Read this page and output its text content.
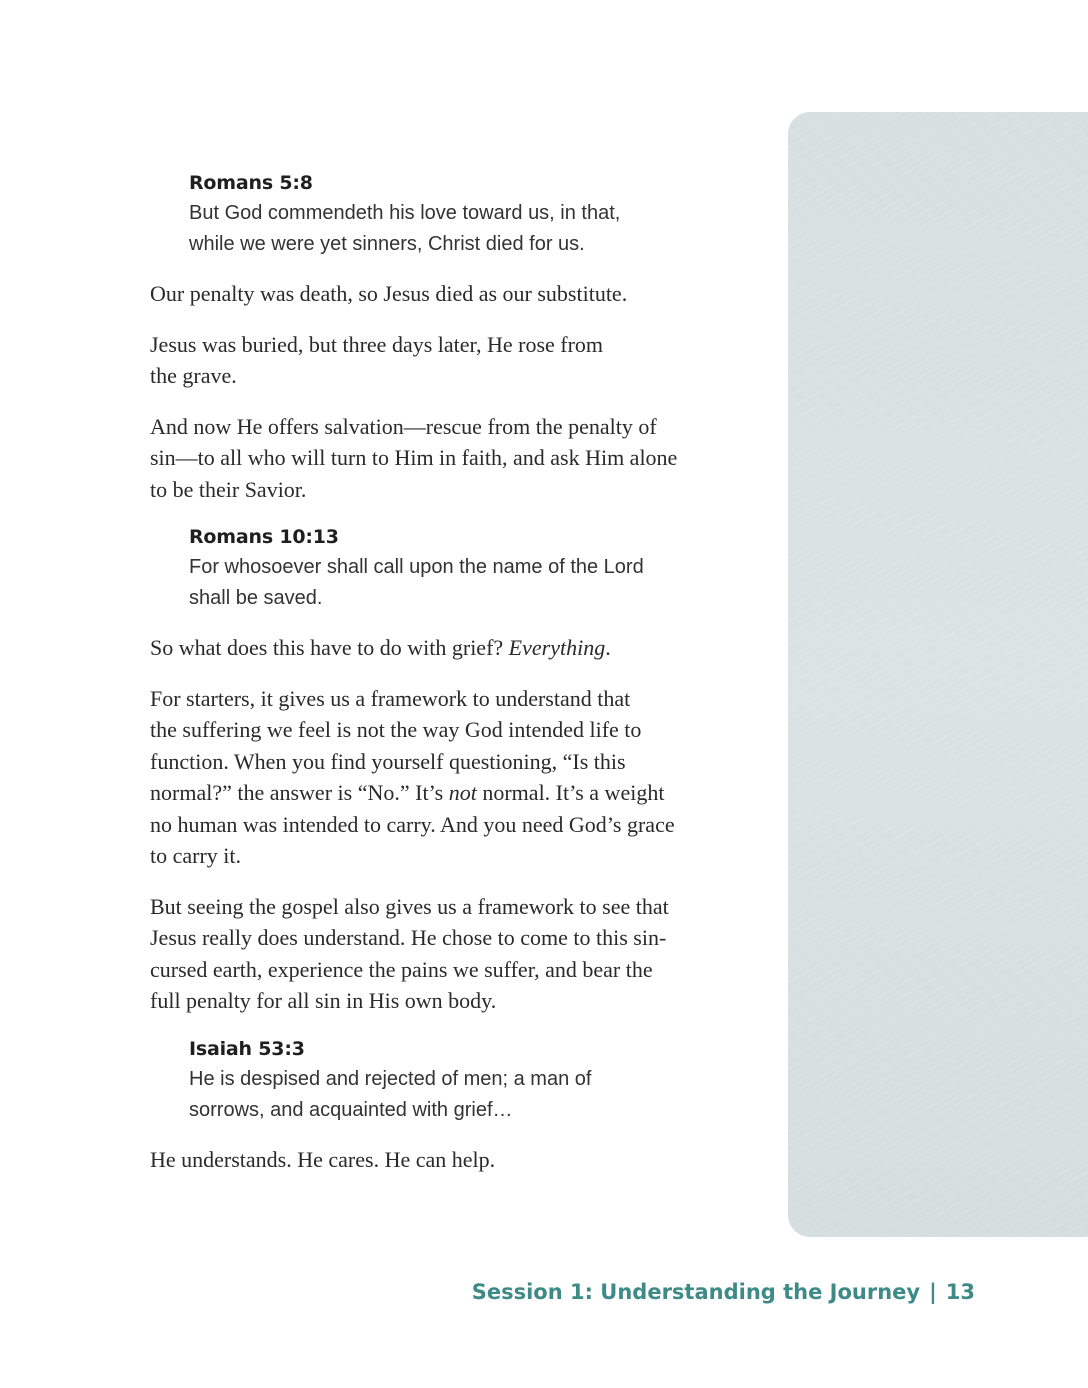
Romans 5:8
But God commendeth his love toward us, in that,
while we were yet sinners, Christ died for us.
Our penalty was death, so Jesus died as our substitute.
Jesus was buried, but three days later, He rose from
the grave.
And now He offers salvation—rescue from the penalty of
sin—to all who will turn to Him in faith, and ask Him alone
to be their Savior.
Romans 10:13
For whosoever shall call upon the name of the Lord
shall be saved.
So what does this have to do with grief? Everything.
For starters, it gives us a framework to understand that
the suffering we feel is not the way God intended life to
function. When you find yourself questioning, “Is this
normal?” the answer is “No.” It’s not normal. It’s a weight
no human was intended to carry. And you need God’s grace
to carry it.
But seeing the gospel also gives us a framework to see that
Jesus really does understand. He chose to come to this sin-
cursed earth, experience the pains we suffer, and bear the
full penalty for all sin in His own body.
Isaiah 53:3
He is despised and rejected of men; a man of
sorrows, and acquainted with grief…
He understands. He cares. He can help.
Session 1: Understanding the Journey | 13
